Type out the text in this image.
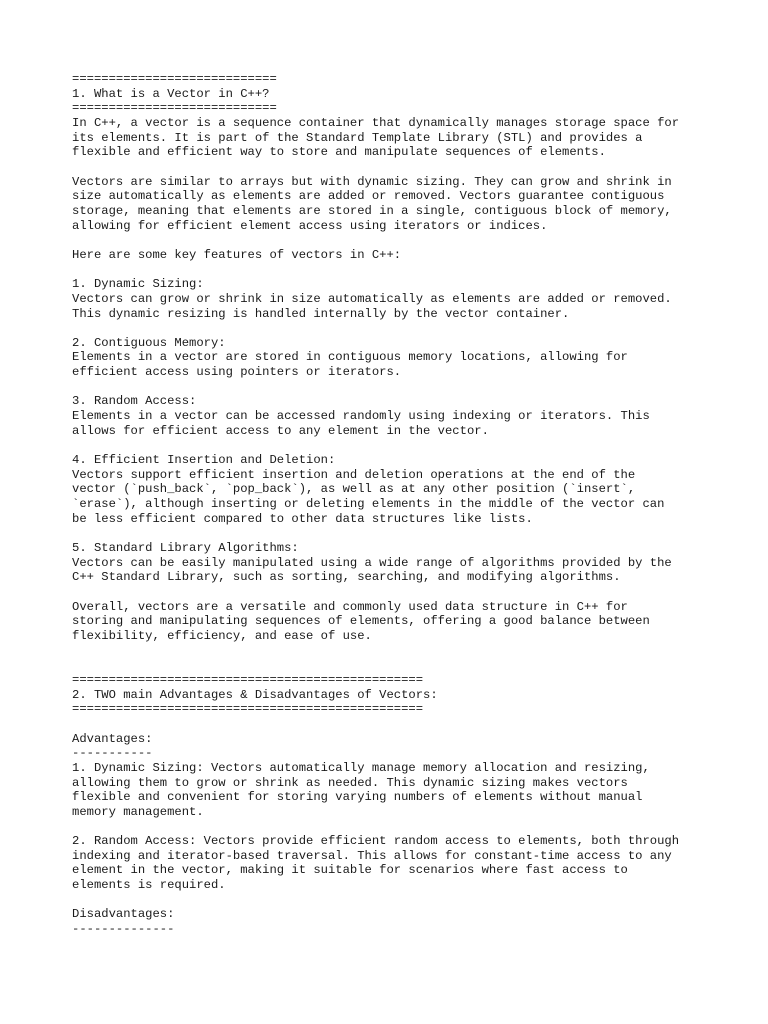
============================
1. What is a Vector in C++?
============================
In C++, a vector is a sequence container that dynamically manages storage space for
its elements. It is part of the Standard Template Library (STL) and provides a
flexible and efficient way to store and manipulate sequences of elements.
Vectors are similar to arrays but with dynamic sizing. They can grow and shrink in
size automatically as elements are added or removed. Vectors guarantee contiguous
storage, meaning that elements are stored in a single, contiguous block of memory,
allowing for efficient element access using iterators or indices.
Here are some key features of vectors in C++:
1. Dynamic Sizing:
Vectors can grow or shrink in size automatically as elements are added or removed.
This dynamic resizing is handled internally by the vector container.
2. Contiguous Memory:
Elements in a vector are stored in contiguous memory locations, allowing for
efficient access using pointers or iterators.
3. Random Access:
Elements in a vector can be accessed randomly using indexing or iterators. This
allows for efficient access to any element in the vector.
4. Efficient Insertion and Deletion:
Vectors support efficient insertion and deletion operations at the end of the
vector (`push_back`, `pop_back`), as well as at any other position (`insert`,
`erase`), although inserting or deleting elements in the middle of the vector can
be less efficient compared to other data structures like lists.
5. Standard Library Algorithms:
Vectors can be easily manipulated using a wide range of algorithms provided by the
C++ Standard Library, such as sorting, searching, and modifying algorithms.
Overall, vectors are a versatile and commonly used data structure in C++ for
storing and manipulating sequences of elements, offering a good balance between
flexibility, efficiency, and ease of use.
================================================
2. TWO main Advantages & Disadvantages of Vectors:
================================================
Advantages:
-----------
1. Dynamic Sizing: Vectors automatically manage memory allocation and resizing,
allowing them to grow or shrink as needed. This dynamic sizing makes vectors
flexible and convenient for storing varying numbers of elements without manual
memory management.
2. Random Access: Vectors provide efficient random access to elements, both through
indexing and iterator-based traversal. This allows for constant-time access to any
element in the vector, making it suitable for scenarios where fast access to
elements is required.
Disadvantages:
--------------
